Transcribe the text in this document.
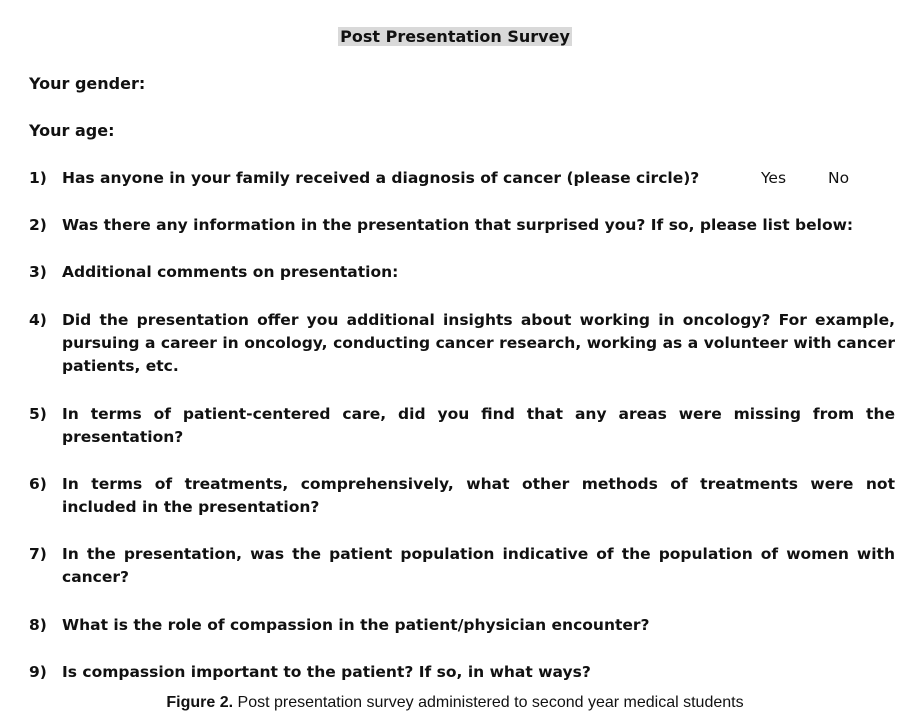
Post Presentation Survey
Your gender:
Your age:
1) Has anyone in your family received a diagnosis of cancer (please circle)?	Yes	No
2) Was there any information in the presentation that surprised you? If so, please list below:
3) Additional comments on presentation:
4) Did the presentation offer you additional insights about working in oncology? For example, pursuing a career in oncology, conducting cancer research, working as a volunteer with cancer patients, etc.
5) In terms of patient-centered care, did you find that any areas were missing from the presentation?
6) In terms of treatments, comprehensively, what other methods of treatments were not included in the presentation?
7) In the presentation, was the patient population indicative of the population of women with cancer?
8) What is the role of compassion in the patient/physician encounter?
9) Is compassion important to the patient? If so, in what ways?
Figure 2. Post presentation survey administered to second year medical students
